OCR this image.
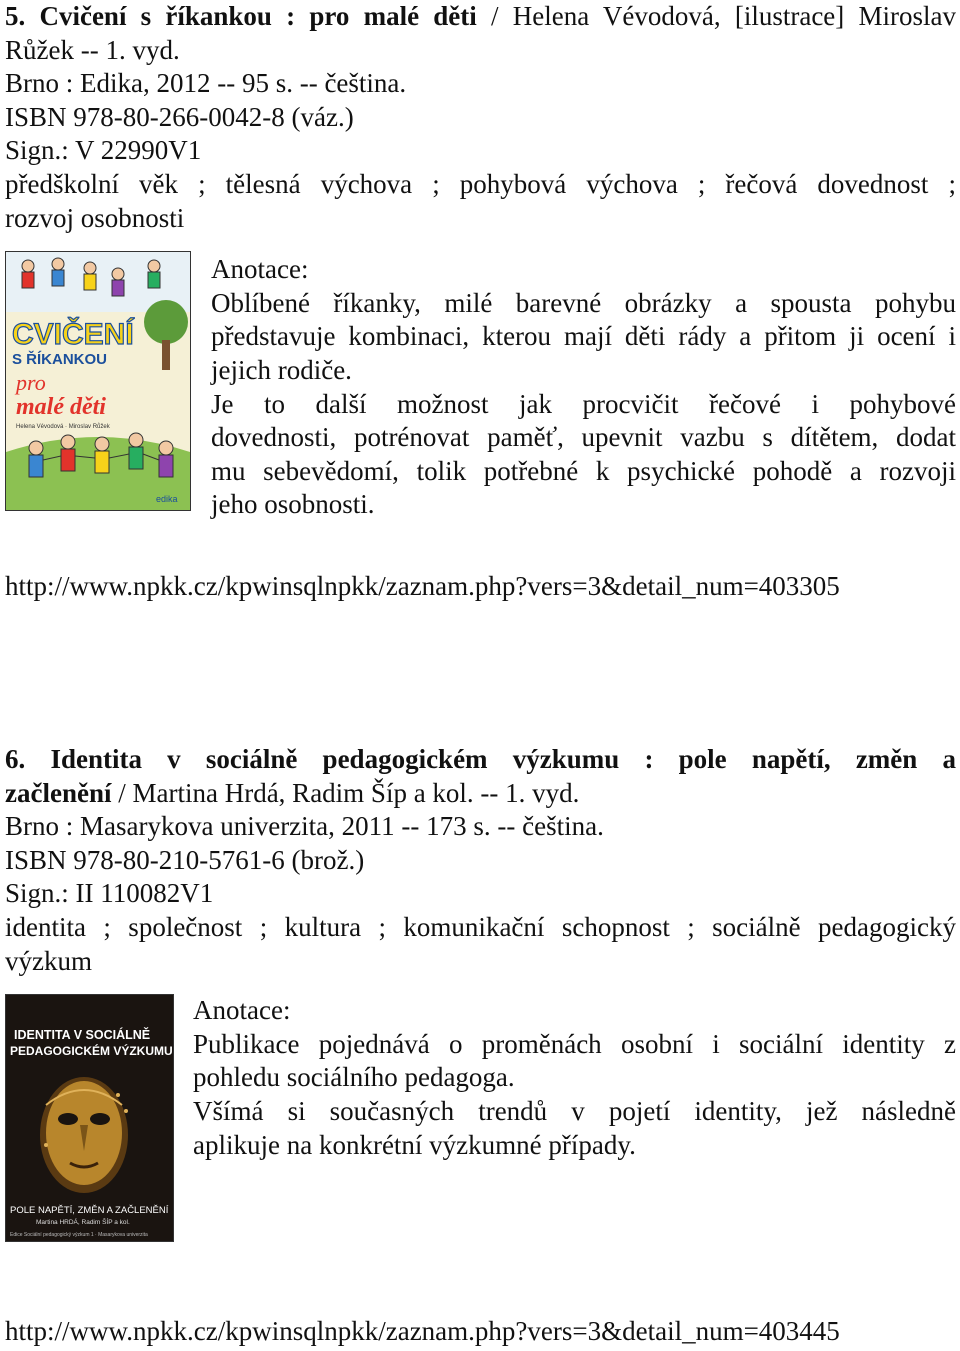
5. Cvičení s říkankou : pro malé děti / Helena Vévodová, [ilustrace] Miroslav
Růžek -- 1. vyd.
Brno : Edika, 2012 -- 95 s. -- čeština.
ISBN 978-80-266-0042-8 (váz.)
Sign.: V 22990V1
předškolní věk ; tělesná výchova ; pohybová výchova ; řečová dovednost ;
rozvoj osobnosti
CVIČENÍ
S ŘÍKANKOU
pro
malé děti
Helena Vévodová · Miroslav Růžek
edika
Anotace:
Oblíbené říkanky, milé barevné obrázky a spousta pohybu
představuje kombinaci, kterou mají děti rády a přitom ji ocení i
jejich rodiče.
Je to další možnost jak procvičit řečové i pohybové
dovednosti, potrénovat paměť, upevnit vazbu s dítětem, dodat
mu sebevědomí, tolik potřebné k psychické pohodě a rozvoji
jeho osobnosti.
http://www.npkk.cz/kpwinsqlnpkk/zaznam.php?vers=3&detail_num=403305
6. Identita v sociálně pedagogickém výzkumu : pole napětí, změn a
začlenění / Martina Hrdá, Radim Šíp a kol. -- 1. vyd.
Brno : Masarykova univerzita, 2011 -- 173 s. -- čeština.
ISBN 978-80-210-5761-6 (brož.)
Sign.: II 110082V1
identita ; společnost ; kultura ; komunikační schopnost ; sociálně pedagogický
výzkum
IDENTITA V SOCIÁLNĚ
PEDAGOGICKÉM VÝZKUMU
POLE NAPĚTÍ, ZMĚN A ZAČLENĚNÍ
Martina HRDÁ, Radim ŠÍP a kol.
Edice Sociální pedagogický výzkum 1 · Masarykova univerzita
Anotace:
Publikace pojednává o proměnách osobní i sociální identity z
pohledu sociálního pedagoga.
Všímá si současných trendů v pojetí identity, jež následně
aplikuje na konkrétní výzkumné případy.
http://www.npkk.cz/kpwinsqlnpkk/zaznam.php?vers=3&detail_num=403445
